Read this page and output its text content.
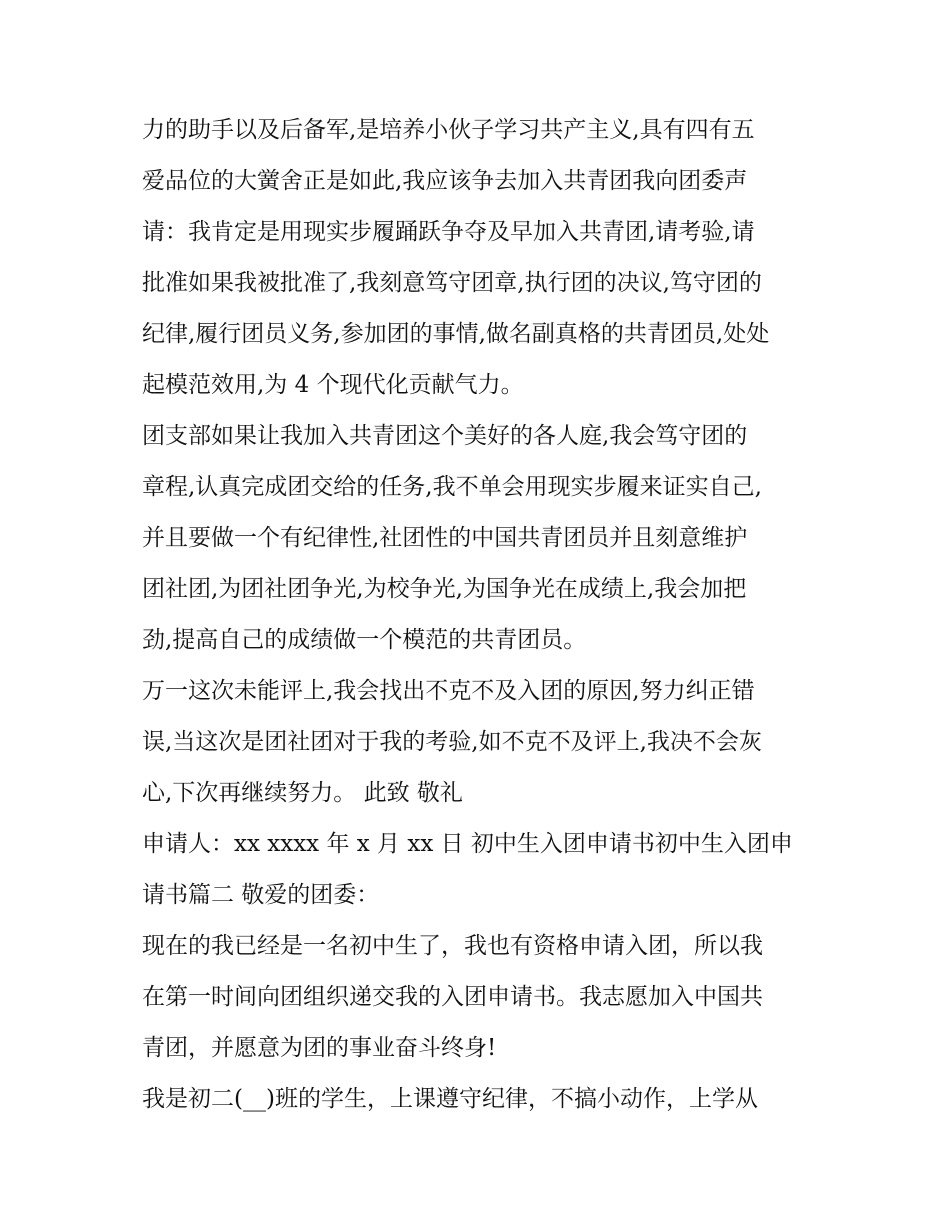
力的助手以及后备军,是培养小伙子学习共产主义,具有四有五
爱品位的大黉舍正是如此,我应该争去加入共青团我向团委声
请：我肯定是用现实步履踊跃争夺及早加入共青团,请考验,请
批准如果我被批准了,我刻意笃守团章,执行团的决议,笃守团的
纪律,履行团员义务,参加团的事情,做名副真格的共青团员,处处
起模范效用,为 4 个现代化贡献气力。
团支部如果让我加入共青团这个美好的各人庭,我会笃守团的
章程,认真完成团交给的任务,我不单会用现实步履来证实自己,
并且要做一个有纪律性,社团性的中国共青团员并且刻意维护
团社团,为团社团争光,为校争光,为国争光在成绩上,我会加把
劲,提高自己的成绩做一个模范的共青团员。
万一这次未能评上,我会找出不克不及入团的原因,努力纠正错
误,当这次是团社团对于我的考验,如不克不及评上,我决不会灰
心,下次再继续努力。 此致 敬礼
申请人：xx xxxx 年 x 月 xx 日 初中生入团申请书初中生入团申
请书篇二 敬爱的团委：
现在的我已经是一名初中生了，我也有资格申请入团，所以我
在第一时间向团组织递交我的入团申请书。我志愿加入中国共
青团，并愿意为团的事业奋斗终身!
我是初二(__)班的学生，上课遵守纪律，不搞小动作，上学从
